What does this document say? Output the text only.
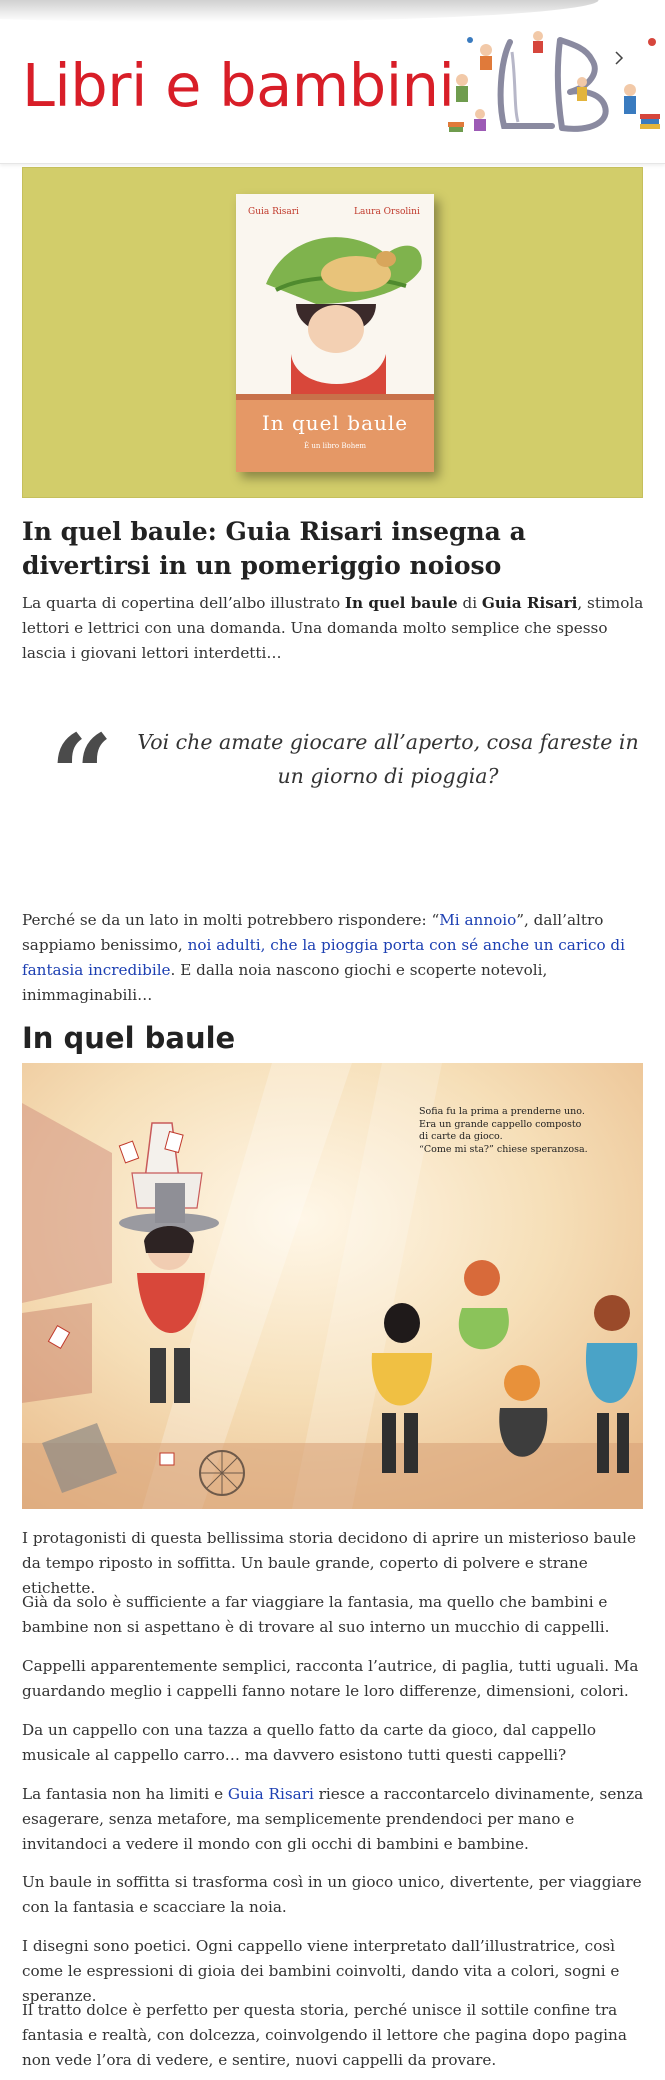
Libri e bambini
Guia Risari	Laura Orsolini
In quel baule
È un libro Bohem
In quel baule: Guia Risari insegna a divertirsi in un pomeriggio noioso

La quarta di copertina dell’albo illustrato In quel baule di Guia Risari, stimola lettori e lettrici con una domanda. Una domanda molto semplice che spesso lascia i giovani lettori interdetti…

“	Voi che amate giocare all’aperto, cosa fareste in un giorno di pioggia?

Perché se da un lato in molti potrebbero rispondere: “Mi annoio”, dall’altro sappiamo benissimo, noi adulti, che la pioggia porta con sé anche un carico di fantasia incredibile. E dalla noia nascono giochi e scoperte notevoli, inimmaginabili…

In quel baule
Sofia fu la prima a prenderne uno.
Era un grande cappello composto
di carte da gioco.
“Come mi sta?” chiese speranzosa.

I protagonisti di questa bellissima storia decidono di aprire un misterioso baule da tempo riposto in soffitta. Un baule grande, coperto di polvere e strane etichette.

Già da solo è sufficiente a far viaggiare la fantasia, ma quello che bambini e bambine non si aspettano è di trovare al suo interno un mucchio di cappelli.

Cappelli apparentemente semplici, racconta l’autrice, di paglia, tutti uguali. Ma guardando meglio i cappelli fanno notare le loro differenze, dimensioni, colori.

Da un cappello con una tazza a quello fatto da carte da gioco, dal cappello musicale al cappello carro… ma davvero esistono tutti questi cappelli?

La fantasia non ha limiti e Guia Risari riesce a raccontarcelo divinamente, senza esagerare, senza metafore, ma semplicemente prendendoci per mano e invitandoci a vedere il mondo con gli occhi di bambini e bambine.

Un baule in soffitta si trasforma così in un gioco unico, divertente, per viaggiare con la fantasia e scacciare la noia.

I disegni sono poetici. Ogni cappello viene interpretato dall’illustratrice, così come le espressioni di gioia dei bambini coinvolti, dando vita a colori, sogni e speranze.

Il tratto dolce è perfetto per questa storia, perché unisce il sottile confine tra fantasia e realtà, con dolcezza, coinvolgendo il lettore che pagina dopo pagina non vede l’ora di vedere, e sentire, nuovi cappelli da provare.
